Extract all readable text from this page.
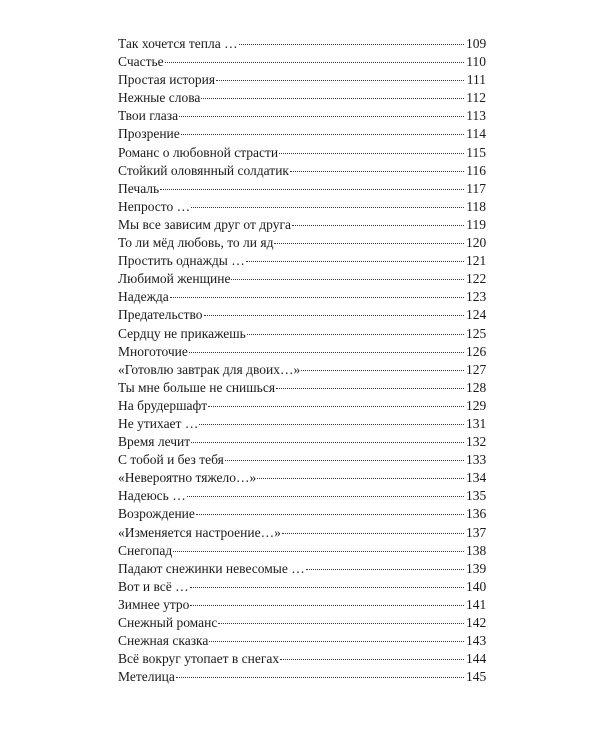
Так хочется тепла …	109
Счастье	110
Простая история	111
Нежные слова	112
Твои глаза	113
Прозрение	114
Романс о любовной страсти	115
Стойкий оловянный солдатик	116
Печаль	117
Непросто …	118
Мы все зависим друг от друга	119
То ли мёд любовь, то ли яд	120
Простить однажды …	121
Любимой женщине	122
Надежда	123
Предательство	124
Сердцу не прикажешь	125
Многоточие	126
«Готовлю завтрак для двоих…»	127
Ты мне больше не снишься	128
На брудершафт	129
Не утихает …	131
Время лечит	132
С тобой и без тебя	133
«Невероятно тяжело…»	134
Надеюсь …	135
Возрождение	136
«Изменяется настроение…»	137
Снегопад	138
Падают снежинки невесомые …	139
Вот и всё …	140
Зимнее утро	141
Снежный романс	142
Снежная сказка	143
Всё вокруг утопает в снегах	144
Метелица	145
